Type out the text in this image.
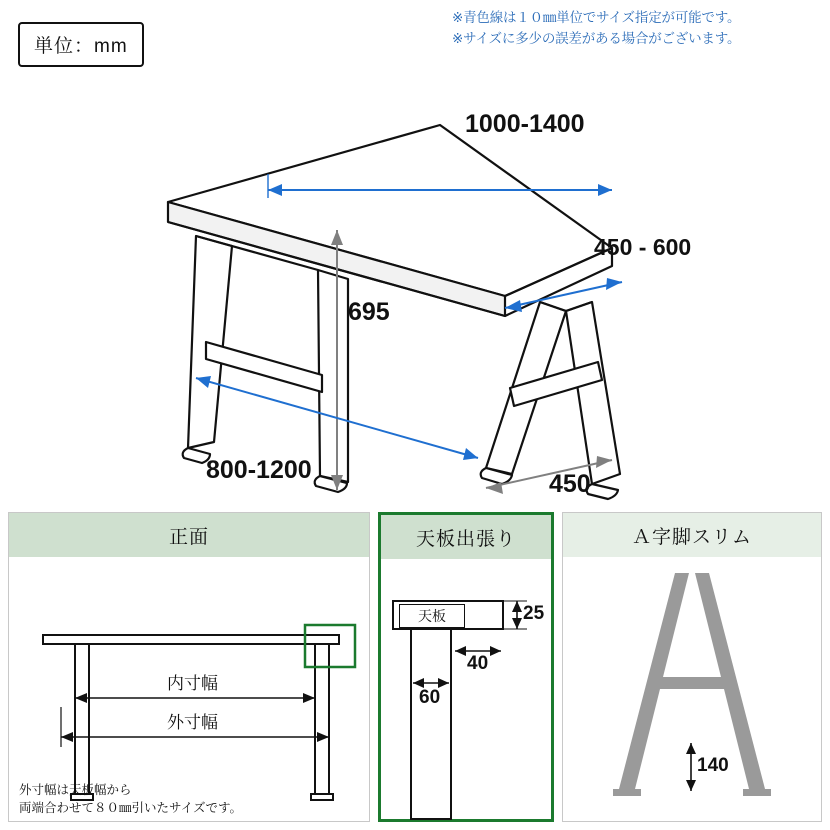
※青色線は１０㎜単位でサイズ指定が可能です。
※サイズに多少の誤差がある場合がございます。
単位：mm
1000-1400
450 - 600
695
800-1200	450
正面
内寸幅
外寸幅
外寸幅は天板幅から
両端合わせて８０㎜引いたサイズです。
天板出張り
天板	25
40
60
Ａ字脚スリム
140
